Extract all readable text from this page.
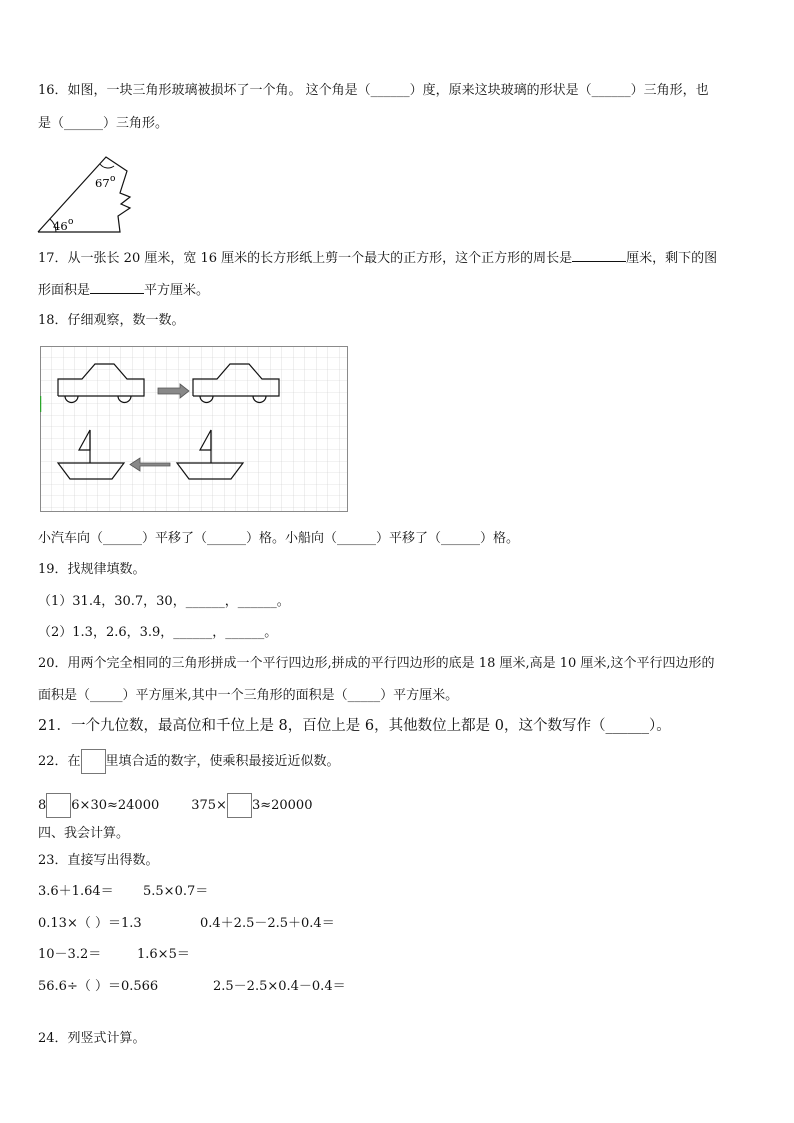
16．如图，一块三角形玻璃被损坏了一个角。 这个角是（______）度，原来这块玻璃的形状是（______）三角形，也
是（______）三角形。
67 o
46 o
17．从一张长 20 厘米，宽 16 厘米的长方形纸上剪一个最大的正方形，这个正方形的周长是	厘米，剩下的图
形面积是	平方厘米。
18．仔细观察，数一数。
小汽车向（______）平移了（______）格。小船向（______）平移了（______）格。
19．找规律填数。
（1）31.4，30.7，30，______，______。
（2）1.3，2.6，3.9，______，______。
20．用两个完全相同的三角形拼成一个平行四边形,拼成的平行四边形的底是 18 厘米,高是 10 厘米,这个平行四边形的
面积是（_____）平方厘米,其中一个三角形的面积是（_____）平方厘米。
21．一个九位数，最高位和千位上是 8，百位上是 6，其他数位上都是 0，这个数写作（______）。
22．在 里填合适的数字，使乘积最接近近似数。
8 6×30≈24000 375× 3≈20000
四、我会计算。
23．直接写出得数。
3.6＋1.64＝ 5.5×0.7＝
0.13×（ ）＝1.3	0.4＋2.5－2.5＋0.4＝
10－3.2＝	1.6×5＝
56.6÷（ ）＝0.566	2.5－2.5×0.4－0.4＝
24．列竖式计算。
